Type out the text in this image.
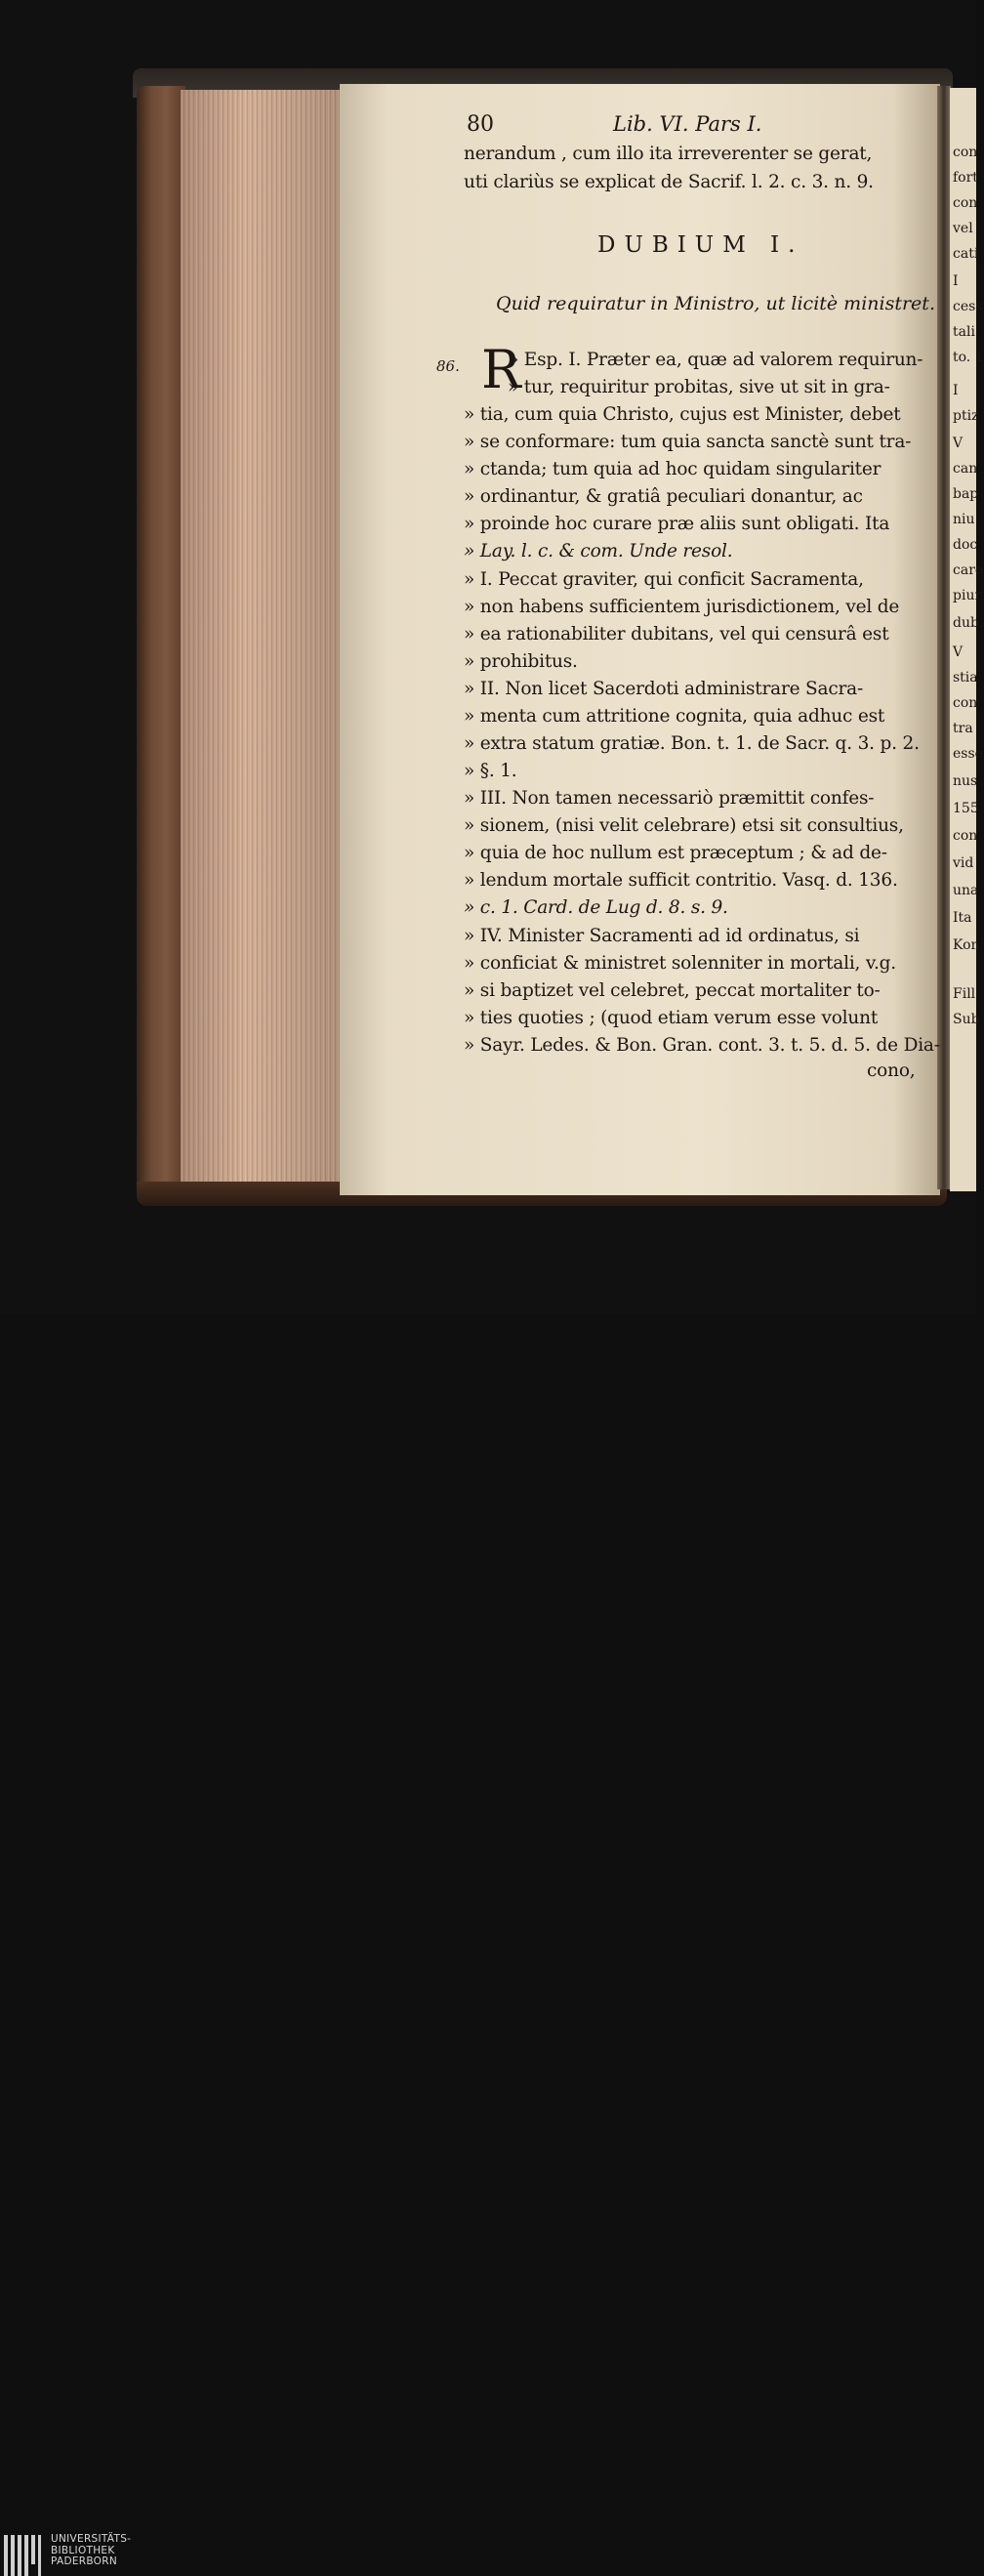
80	Lib. VI. Pars I.
nerandum , cum illo ita irreverenter se gerat,
uti clariùs se explicat de Sacrif. l. 2. c. 3. n. 9.
DUBIUM I.
Quid requiratur in Ministro, ut licitè ministret.
86. R
» Esp. I. Præter ea, quæ ad valorem requirun-
» tur, requiritur probitas, sive ut sit in gra-
» tia, cum quia Christo, cujus est Minister, debet
» se conformare: tum quia sancta sanctè sunt tra-
» ctanda; tum quia ad hoc quidam singulariter
» ordinantur, & gratiâ peculiari donantur, ac
» proinde hoc curare præ aliis sunt obligati. Ita
» Lay. l. c. & com. Unde resol.
» I. Peccat graviter, qui conficit Sacramenta,
» non habens sufficientem jurisdictionem, vel de
» ea rationabiliter dubitans, vel qui censurâ est
» prohibitus.
» II. Non licet Sacerdoti administrare Sacra-
» menta cum attritione cognita, quia adhuc est
» extra statum gratiæ. Bon. t. 1. de Sacr. q. 3. p. 2.
» §. 1.
» III. Non tamen necessariò præmittit confes-
» sionem, (nisi velit celebrare) etsi sit consultius,
» quia de hoc nullum est præceptum ; & ad de-
» lendum mortale sufficit contritio. Vasq. d. 136.
» c. 1. Card. de Lug d. 8. s. 9.
» IV. Minister Sacramenti ad id ordinatus, si
» conficiat & ministret solenniter in mortali, v.g.
» si baptizet vel celebret, peccat mortaliter to-
» ties quoties ; (quod etiam verum esse volunt
» Sayr. Ledes. & Bon. Gran. cont. 3. t. 5. d. 5. de Dia-
cono,
con
fort
con
vel
cati
I
cess
tali
to. 1
I
ptiz
V
can
bap
niu
doc
care
piur
dub.
V
stia
con
tra
esse
nus
155
con
vid
una
Ita
Kon
Fill
Sub
UNIVERSITÄTS-
BIBLIOTHEK
PADERBORN
